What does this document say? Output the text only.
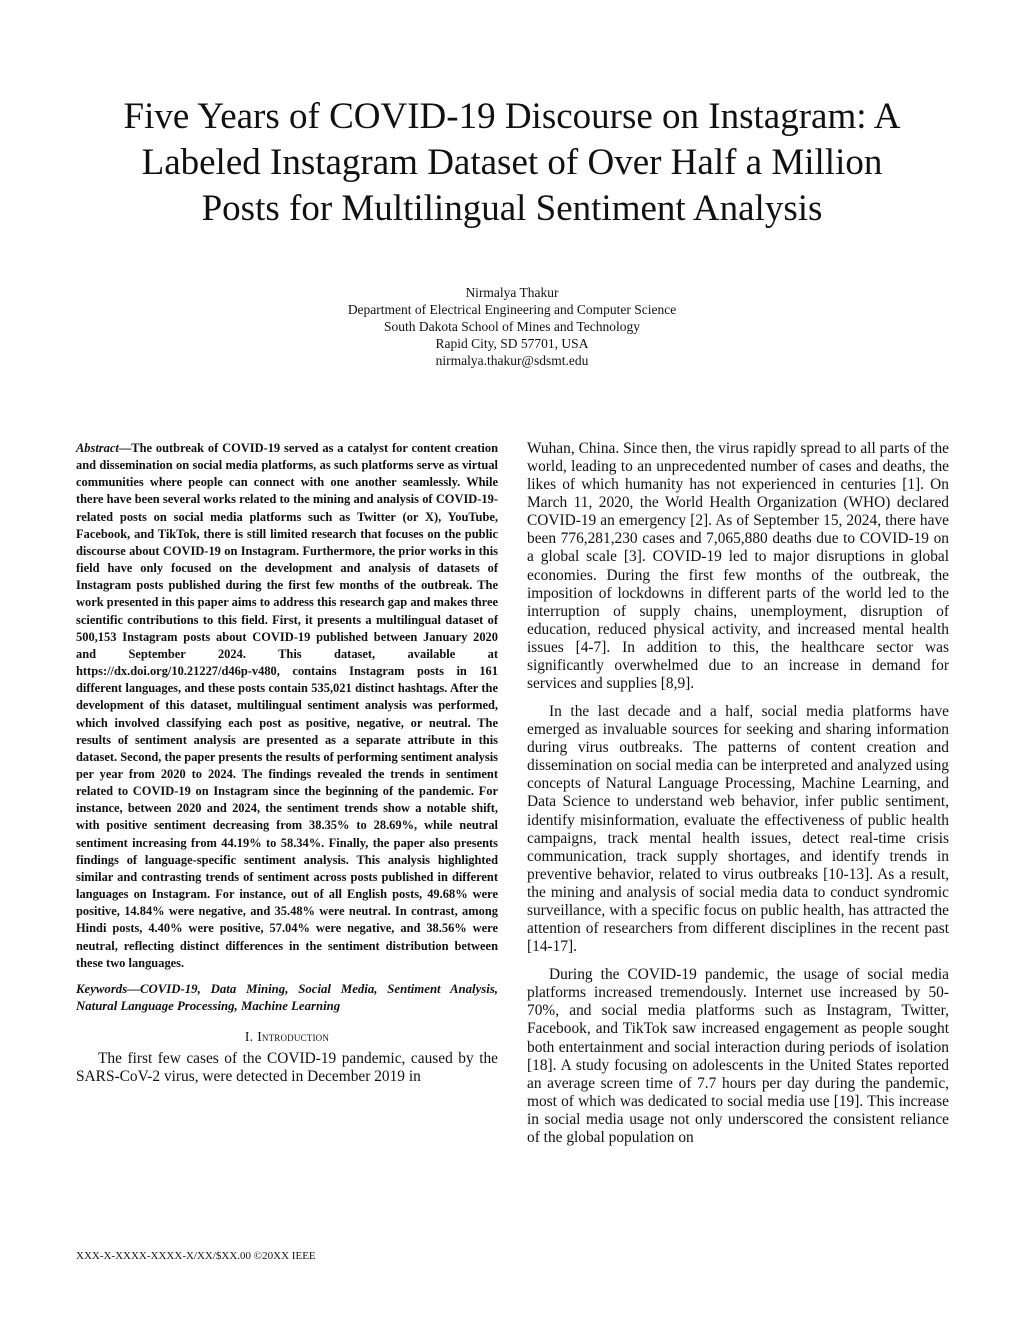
Five Years of COVID-19 Discourse on Instagram: A
Labeled Instagram Dataset of Over Half a Million
Posts for Multilingual Sentiment Analysis
Nirmalya Thakur
Department of Electrical Engineering and Computer Science
South Dakota School of Mines and Technology
Rapid City, SD 57701, USA
nirmalya.thakur@sdsmt.edu

Abstract—The outbreak of COVID-19 served as a catalyst for content creation and dissemination on social media platforms, as such platforms serve as virtual communities where people can connect with one another seamlessly. While there have been several works related to the mining and analysis of COVID-19-related posts on social media platforms such as Twitter (or X), YouTube, Facebook, and TikTok, there is still limited research that focuses on the public discourse about COVID-19 on Instagram. Furthermore, the prior works in this field have only focused on the development and analysis of datasets of Instagram posts published during the first few months of the outbreak. The work presented in this paper aims to address this research gap and makes three scientific contributions to this field. First, it presents a multilingual dataset of 500,153 Instagram posts about COVID-19 published between January 2020 and September 2024. This dataset, available at https://dx.doi.org/10.21227/d46p-v480, contains Instagram posts in 161 different languages, and these posts contain 535,021 distinct hashtags. After the development of this dataset, multilingual sentiment analysis was performed, which involved classifying each post as positive, negative, or neutral. The results of sentiment analysis are presented as a separate attribute in this dataset. Second, the paper presents the results of performing sentiment analysis per year from 2020 to 2024. The findings revealed the trends in sentiment related to COVID-19 on Instagram since the beginning of the pandemic. For instance, between 2020 and 2024, the sentiment trends show a notable shift, with positive sentiment decreasing from 38.35% to 28.69%, while neutral sentiment increasing from 44.19% to 58.34%. Finally, the paper also presents findings of language-specific sentiment analysis. This analysis highlighted similar and contrasting trends of sentiment across posts published in different languages on Instagram. For instance, out of all English posts, 49.68% were positive, 14.84% were negative, and 35.48% were neutral. In contrast, among Hindi posts, 4.40% were positive, 57.04% were negative, and 38.56% were neutral, reflecting distinct differences in the sentiment distribution between these two languages.

Keywords—COVID-19, Data Mining, Social Media, Sentiment Analysis, Natural Language Processing, Machine Learning

I. Introduction

The first few cases of the COVID-19 pandemic, caused by the SARS-CoV-2 virus, were detected in December 2019 in

Wuhan, China. Since then, the virus rapidly spread to all parts of the world, leading to an unprecedented number of cases and deaths, the likes of which humanity has not experienced in centuries [1]. On March 11, 2020, the World Health Organization (WHO) declared COVID-19 an emergency [2]. As of September 15, 2024, there have been 776,281,230 cases and 7,065,880 deaths due to COVID-19 on a global scale [3]. COVID-19 led to major disruptions in global economies. During the first few months of the outbreak, the imposition of lockdowns in different parts of the world led to the interruption of supply chains, unemployment, disruption of education, reduced physical activity, and increased mental health issues [4-7]. In addition to this, the healthcare sector was significantly overwhelmed due to an increase in demand for services and supplies [8,9].

In the last decade and a half, social media platforms have emerged as invaluable sources for seeking and sharing information during virus outbreaks. The patterns of content creation and dissemination on social media can be interpreted and analyzed using concepts of Natural Language Processing, Machine Learning, and Data Science to understand web behavior, infer public sentiment, identify misinformation, evaluate the effectiveness of public health campaigns, track mental health issues, detect real-time crisis communication, track supply shortages, and identify trends in preventive behavior, related to virus outbreaks [10-13]. As a result, the mining and analysis of social media data to conduct syndromic surveillance, with a specific focus on public health, has attracted the attention of researchers from different disciplines in the recent past [14-17].

During the COVID-19 pandemic, the usage of social media platforms increased tremendously. Internet use increased by 50-70%, and social media platforms such as Instagram, Twitter, Facebook, and TikTok saw increased engagement as people sought both entertainment and social interaction during periods of isolation [18]. A study focusing on adolescents in the United States reported an average screen time of 7.7 hours per day during the pandemic, most of which was dedicated to social media use [19]. This increase in social media usage not only underscored the consistent reliance of the global population on

XXX-X-XXXX-XXXX-X/XX/$XX.00 ©20XX IEEE
